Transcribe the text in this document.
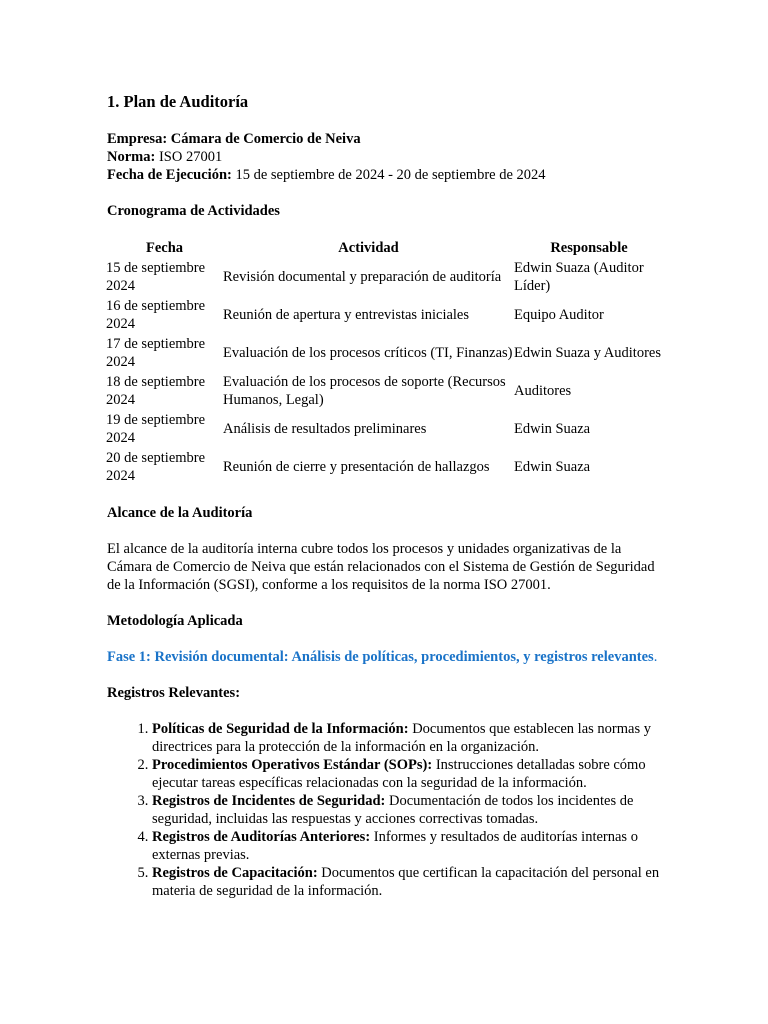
1. Plan de Auditoría

Empresa: Cámara de Comercio de Neiva

Norma: ISO 27001

Fecha de Ejecución: 15 de septiembre de 2024 - 20 de septiembre de 2024

Cronograma de Actividades

Fecha	Actividad	Responsable
15 de septiembre 2024	Revisión documental y preparación de auditoría	Edwin Suaza (Auditor Líder)
16 de septiembre 2024	Reunión de apertura y entrevistas iniciales	Equipo Auditor
17 de septiembre 2024	Evaluación de los procesos críticos (TI, Finanzas)	Edwin Suaza y Auditores
18 de septiembre 2024	Evaluación de los procesos de soporte (Recursos Humanos, Legal)	Auditores
19 de septiembre 2024	Análisis de resultados preliminares	Edwin Suaza
20 de septiembre 2024	Reunión de cierre y presentación de hallazgos	Edwin Suaza

Alcance de la Auditoría

El alcance de la auditoría interna cubre todos los procesos y unidades organizativas de la Cámara de Comercio de Neiva que están relacionados con el Sistema de Gestión de Seguridad de la Información (SGSI), conforme a los requisitos de la norma ISO 27001.

Metodología Aplicada

Fase 1: Revisión documental: Análisis de políticas, procedimientos, y registros relevantes.

Registros Relevantes:

1. Políticas de Seguridad de la Información: Documentos que establecen las normas y directrices para la protección de la información en la organización.
2. Procedimientos Operativos Estándar (SOPs): Instrucciones detalladas sobre cómo ejecutar tareas específicas relacionadas con la seguridad de la información.
3. Registros de Incidentes de Seguridad: Documentación de todos los incidentes de seguridad, incluidas las respuestas y acciones correctivas tomadas.
4. Registros de Auditorías Anteriores: Informes y resultados de auditorías internas o externas previas.
5. Registros de Capacitación: Documentos que certifican la capacitación del personal en materia de seguridad de la información.
